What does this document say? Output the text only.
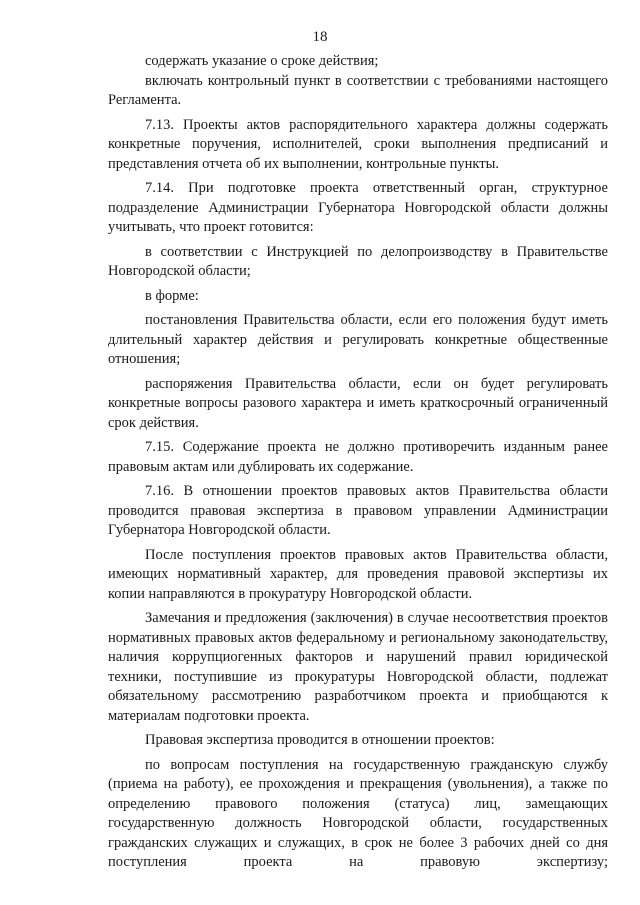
18

содержать указание о сроке действия;

включать контрольный пункт в соответствии с требованиями настоящего Регламента.

7.13. Проекты актов распорядительного характера должны содержать конкретные поручения, исполнителей, сроки выполнения предписаний и представления отчета об их выполнении, контрольные пункты.

7.14. При подготовке проекта ответственный орган, структурное подразделение Администрации Губернатора Новгородской области должны учитывать, что проект готовится:

в соответствии с Инструкцией по делопроизводству в Правительстве Новгородской области;

в форме:

постановления Правительства области, если его положения будут иметь длительный характер действия и регулировать конкретные общественные отношения;

распоряжения Правительства области, если он будет регулировать конкретные вопросы разового характера и иметь краткосрочный ограниченный срок действия.

7.15. Содержание проекта не должно противоречить изданным ранее правовым актам или дублировать их содержание.

7.16. В отношении проектов правовых актов Правительства области проводится правовая экспертиза в правовом управлении Администрации Губернатора Новгородской области.

После поступления проектов правовых актов Правительства области, имеющих нормативный характер, для проведения правовой экспертизы их копии направляются в прокуратуру Новгородской области.

Замечания и предложения (заключения) в случае несоответствия проектов нормативных правовых актов федеральному и региональному законодательству, наличия коррупциогенных факторов и нарушений правил юридической техники, поступившие из прокуратуры Новгородской области, подлежат обязательному рассмотрению разработчиком проекта и приобщаются к материалам подготовки проекта.

Правовая экспертиза проводится в отношении проектов:

по вопросам поступления на государственную гражданскую службу (приема на работу), ее прохождения и прекращения (увольнения), а также по определению правового положения (статуса) лиц, замещающих государственную должность Новгородской области, государственных гражданских служащих и служащих, в срок не более 3 рабочих дней со дня поступления проекта на правовую экспертизу;
